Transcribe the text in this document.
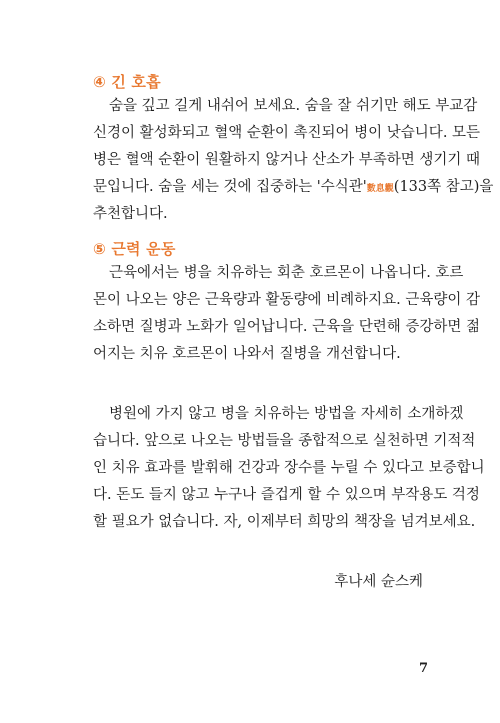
④ 긴 호흡
숨을 깊고 길게 내쉬어 보세요. 숨을 잘 쉬기만 해도 부교감
신경이 활성화되고 혈액 순환이 촉진되어 병이 낫습니다. 모든
병은 혈액 순환이 원활하지 않거나 산소가 부족하면 생기기 때
문입니다. 숨을 세는 것에 집중하는 '수식관'數息觀(133쪽 참고)을
추천합니다.
⑤ 근력 운동
근육에서는 병을 치유하는 회춘 호르몬이 나옵니다. 호르
몬이 나오는 양은 근육량과 활동량에 비례하지요. 근육량이 감
소하면 질병과 노화가 일어납니다. 근육을 단련해 증강하면 젊
어지는 치유 호르몬이 나와서 질병을 개선합니다.
병원에 가지 않고 병을 치유하는 방법을 자세히 소개하겠
습니다. 앞으로 나오는 방법들을 종합적으로 실천하면 기적적
인 치유 효과를 발휘해 건강과 장수를 누릴 수 있다고 보증합니
다. 돈도 들지 않고 누구나 즐겁게 할 수 있으며 부작용도 걱정
할 필요가 없습니다. 자, 이제부터 희망의 책장을 넘겨보세요.
후나세 슌스케
7
